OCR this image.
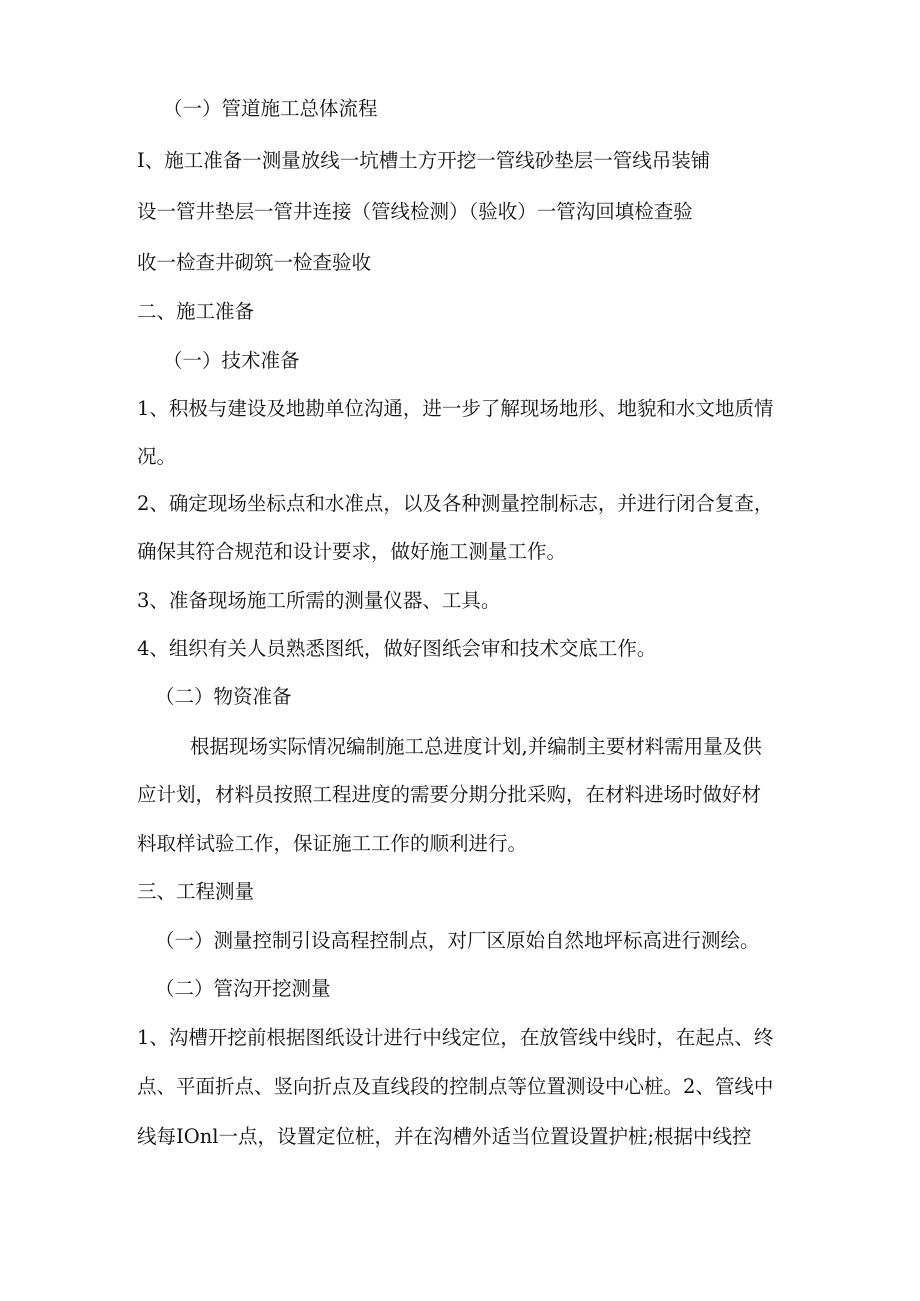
（一）管道施工总体流程
I、施工准备一测量放线一坑槽土方开挖一管线砂垫层一管线吊装铺
设一管井垫层一管井连接（管线检测）（验收）一管沟回填检查验
收一检查井砌筑一检查验收
二、施工准备
（一）技术准备
1、积极与建设及地勘单位沟通，进一步了解现场地形、地貌和水文地质情
况。
2、确定现场坐标点和水准点，以及各种测量控制标志，并进行闭合复查，
确保其符合规范和设计要求，做好施工测量工作。
3、准备现场施工所需的测量仪器、工具。
4、组织有关人员熟悉图纸，做好图纸会审和技术交底工作。
（二）物资准备
根据现场实际情况编制施工总进度计划,并编制主要材料需用量及供
应计划，材料员按照工程进度的需要分期分批采购，在材料进场时做好材
料取样试验工作，保证施工工作的顺利进行。
三、工程测量
（一）测量控制引设高程控制点，对厂区原始自然地坪标高进行测绘。
（二）管沟开挖测量
1、沟槽开挖前根据图纸设计进行中线定位，在放管线中线时，在起点、终
点、平面折点、竖向折点及直线段的控制点等位置测设中心桩。2、管线中
线每IOnl一点，设置定位桩，并在沟槽外适当位置设置护桩;根据中线控
